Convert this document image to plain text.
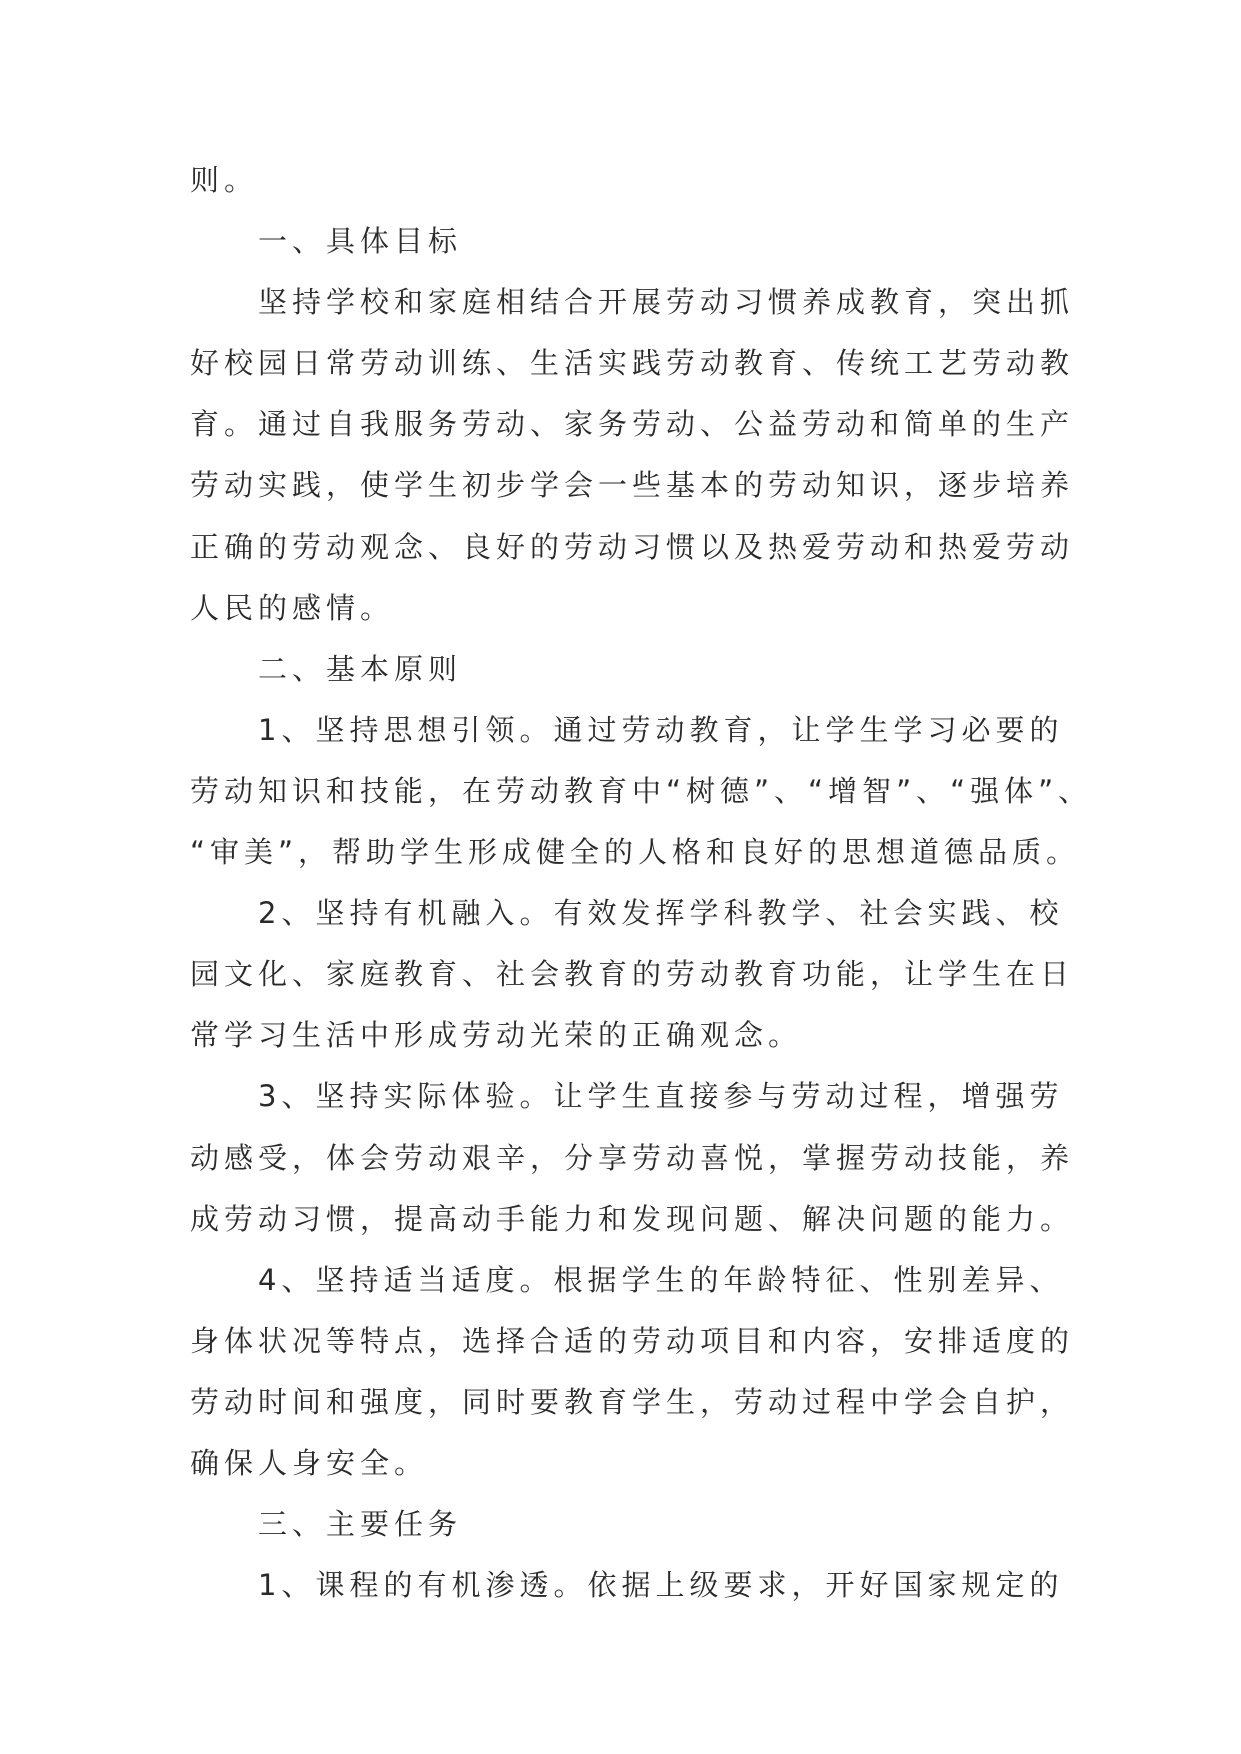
则。
一、具体目标
坚持学校和家庭相结合开展劳动习惯养成教育，突出抓
好校园日常劳动训练、生活实践劳动教育、传统工艺劳动教
育。通过自我服务劳动、家务劳动、公益劳动和简单的生产
劳动实践，使学生初步学会一些基本的劳动知识，逐步培养
正确的劳动观念、良好的劳动习惯以及热爱劳动和热爱劳动
人民的感情。
二、基本原则
1、坚持思想引领。通过劳动教育，让学生学习必要的
劳动知识和技能，在劳动教育中“树德”、“增智”、“强体”、
“审美”，帮助学生形成健全的人格和良好的思想道德品质。
2、坚持有机融入。有效发挥学科教学、社会实践、校
园文化、家庭教育、社会教育的劳动教育功能，让学生在日
常学习生活中形成劳动光荣的正确观念。
3、坚持实际体验。让学生直接参与劳动过程，增强劳
动感受，体会劳动艰辛，分享劳动喜悦，掌握劳动技能，养
成劳动习惯，提高动手能力和发现问题、解决问题的能力。
4、坚持适当适度。根据学生的年龄特征、性别差异、
身体状况等特点，选择合适的劳动项目和内容，安排适度的
劳动时间和强度，同时要教育学生，劳动过程中学会自护，
确保人身安全。
三、主要任务
1、课程的有机渗透。依据上级要求，开好国家规定的
